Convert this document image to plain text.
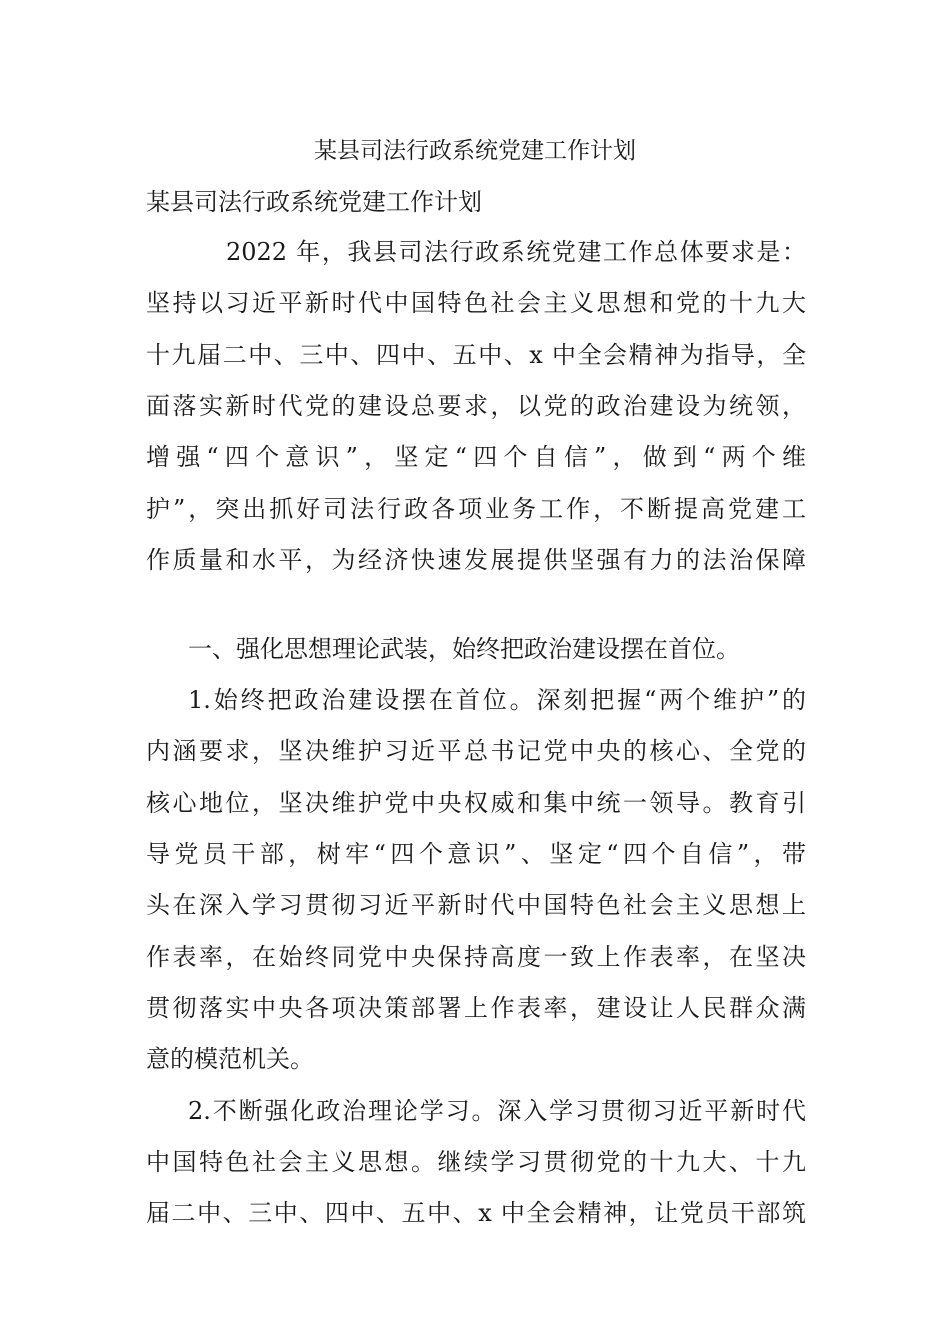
某县司法行政系统党建工作计划
某县司法行政系统党建工作计划
2022 年，我县司法行政系统党建工作总体要求是：
坚持以习近平新时代中国特色社会主义思想和党的十九大
十九届二中、三中、四中、五中、x 中全会精神为指导，全
面落实新时代党的建设总要求，以党的政治建设为统领，
增强“四个意识”，坚定“四个自信”，做到“两个维
护”，突出抓好司法行政各项业务工作，不断提高党建工
作质量和水平，为经济快速发展提供坚强有力的法治保障
一、强化思想理论武装，始终把政治建设摆在首位。
1.始终把政治建设摆在首位。深刻把握“两个维护”的
内涵要求，坚决维护习近平总书记党中央的核心、全党的
核心地位，坚决维护党中央权威和集中统一领导。教育引
导党员干部，树牢“四个意识”、坚定“四个自信”，带
头在深入学习贯彻习近平新时代中国特色社会主义思想上
作表率，在始终同党中央保持高度一致上作表率，在坚决
贯彻落实中央各项决策部署上作表率，建设让人民群众满
意的模范机关。
2.不断强化政治理论学习。深入学习贯彻习近平新时代
中国特色社会主义思想。继续学习贯彻党的十九大、十九
届二中、三中、四中、五中、x 中全会精神，让党员干部筑
